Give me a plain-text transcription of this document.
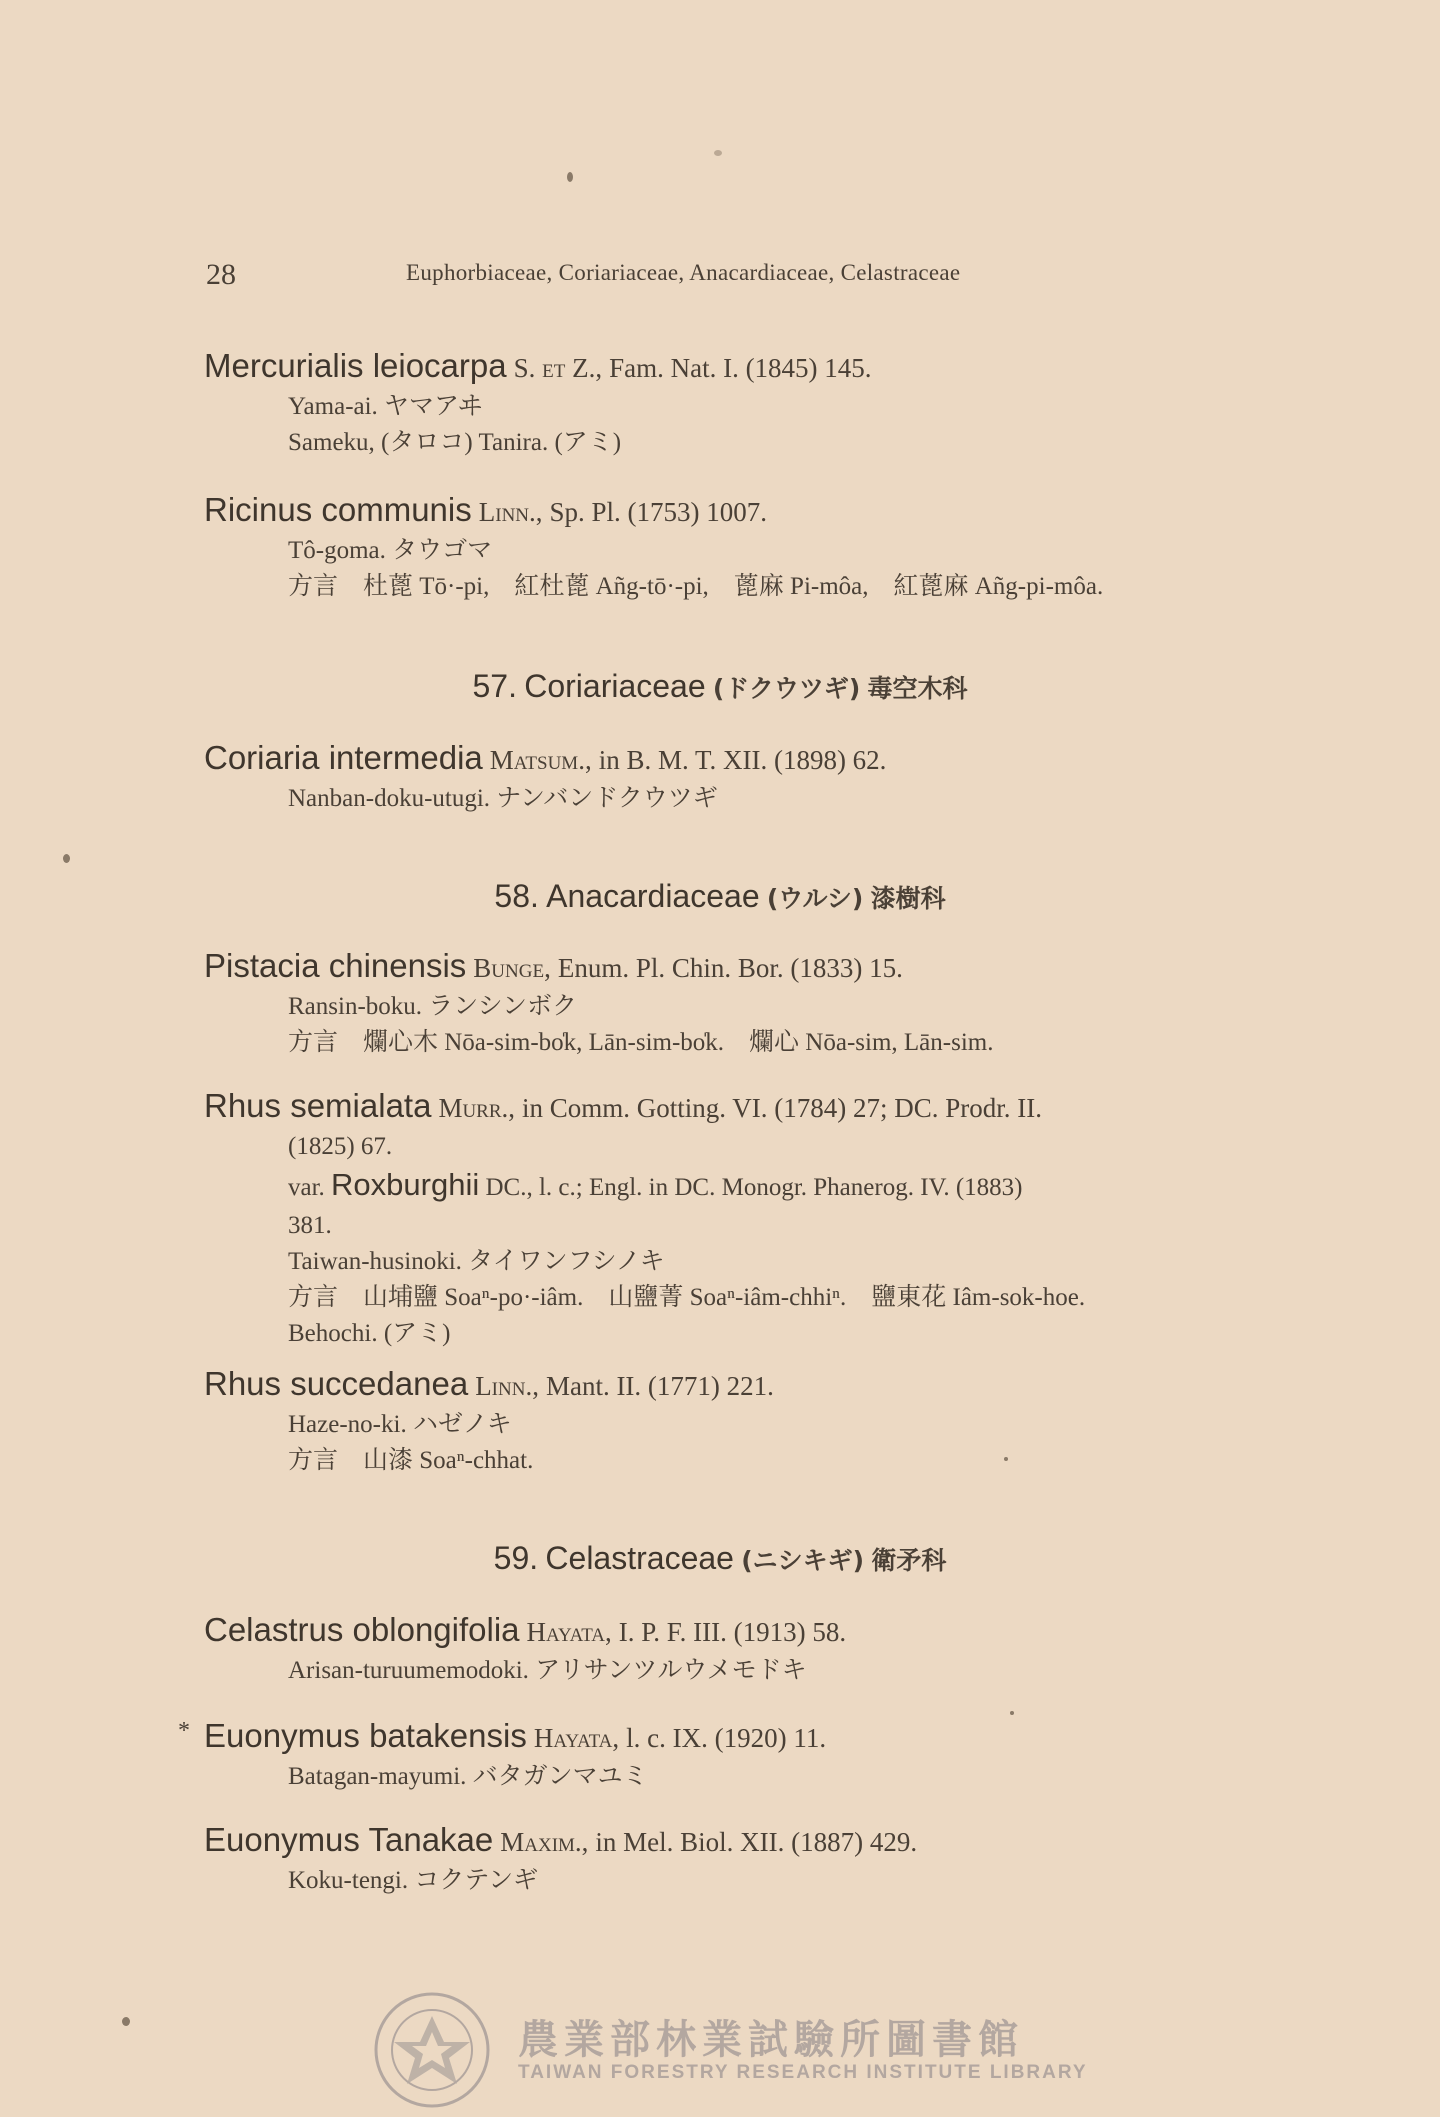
28	Euphorbiaceae, Coriariaceae, Anacardiaceae, Celastraceae
Mercurialis leiocarpa S. et Z., Fam. Nat. I. (1845) 145.
Yama-ai. ヤマアヰ
Sameku, (タロコ) Tanira. (アミ)
Ricinus communis Linn., Sp. Pl. (1753) 1007.
Tô-goma. タウゴマ
方言　杜蓖 Tō·-pi,　紅杜蓖 Añg-tō·-pi,　蓖麻 Pi-môa,　紅蓖麻 Añg-pi-môa.
57. Coriariaceae (ドクウツギ) 毒空木科
Coriaria intermedia Matsum., in B. M. T. XII. (1898) 62.
Nanban-doku-utugi. ナンバンドクウツギ
58. Anacardiaceae (ウルシ) 漆樹科
Pistacia chinensis Bunge, Enum. Pl. Chin. Bor. (1833) 15.
Ransin-boku. ランシンボク
方言　爛心木 Nōa-sim-bo̍k, Lān-sim-bo̍k.　爛心 Nōa-sim, Lān-sim.
Rhus semialata Murr., in Comm. Gotting. VI. (1784) 27; DC. Prodr. II.
(1825) 67.
var. Roxburghii DC., l. c.; Engl. in DC. Monogr. Phanerog. IV. (1883)
381.
Taiwan-husinoki. タイワンフシノキ
方言　山埔鹽 Soaⁿ-po·-iâm.　山鹽菁 Soaⁿ-iâm-chhiⁿ.　鹽東花 Iâm-sok-hoe.
Behochi. (アミ)
Rhus succedanea Linn., Mant. II. (1771) 221.
Haze-no-ki. ハゼノキ
方言　山漆 Soaⁿ-chhat.
59. Celastraceae (ニシキギ) 衛矛科
Celastrus oblongifolia Hayata, I. P. F. III. (1913) 58.
Arisan-turuumemodoki. アリサンツルウメモドキ
* Euonymus batakensis Hayata, l. c. IX. (1920) 11.
Batagan-mayumi. バタガンマユミ
Euonymus Tanakae Maxim., in Mel. Biol. XII. (1887) 429.
Koku-tengi. コクテンギ
農業部林業試驗所圖書館
TAIWAN FORESTRY RESEARCH INSTITUTE LIBRARY
